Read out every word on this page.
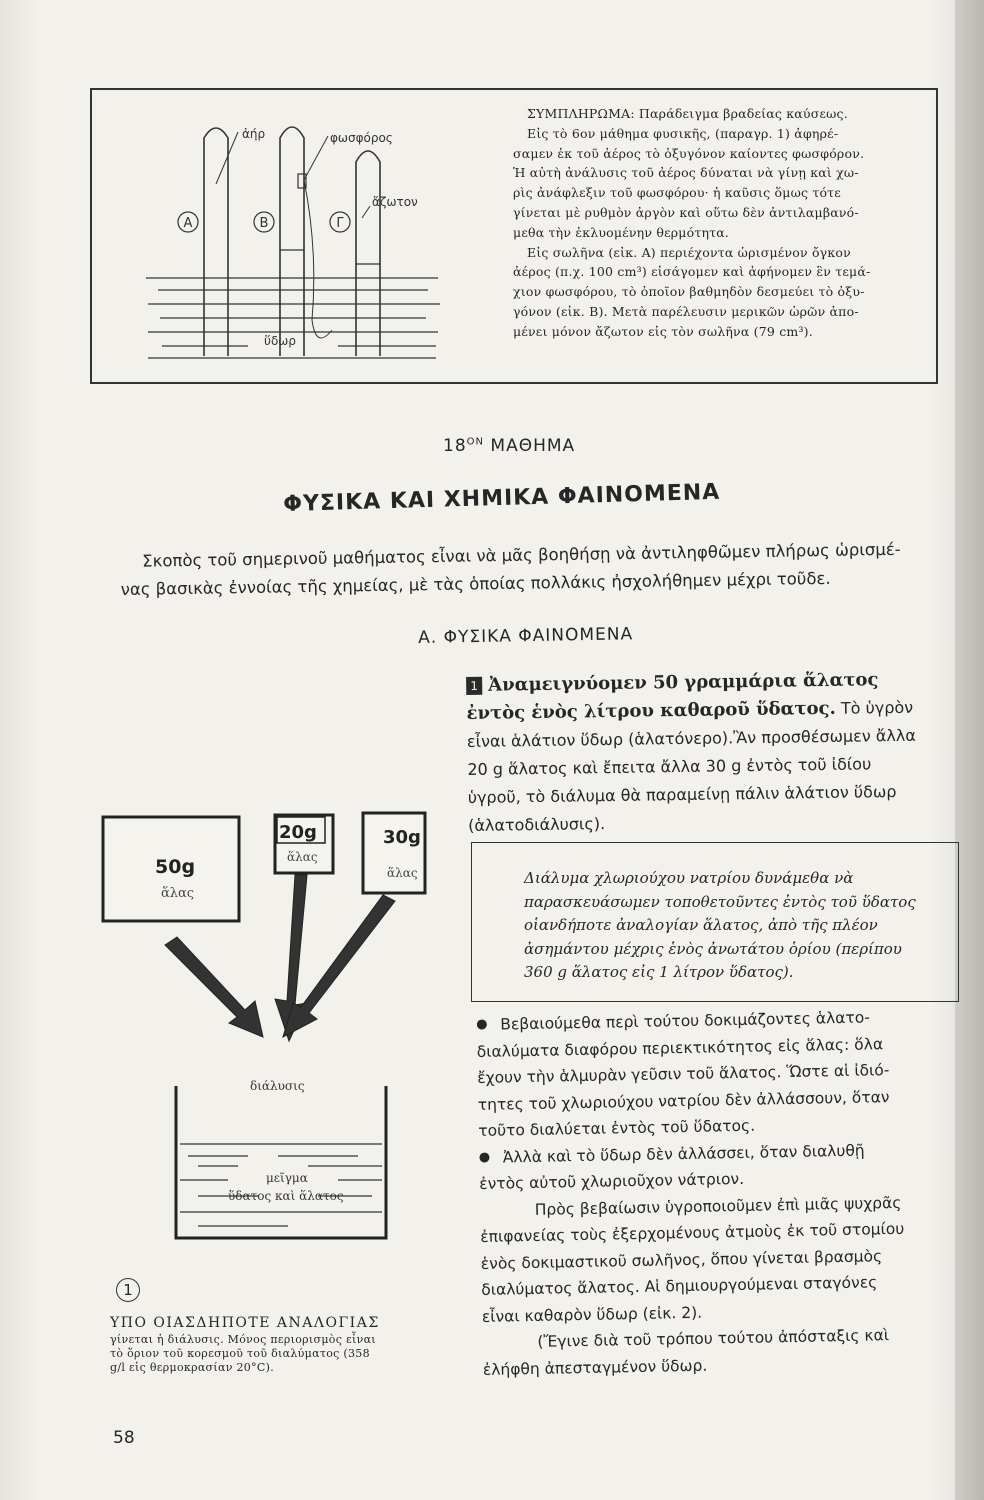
Α	Β	Γ
ἀήρ	φωσφόρος
ἄζωτον
ὕδωρ

ΣΥΜΠΛΗΡΩΜΑ: Παράδειγμα βραδείας καύσεως.

Εἰς τὸ 6ον μάθημα φυσικῆς, (παραγρ. 1) ἀφηρέ-

σαμεν ἐκ τοῦ ἀέρος τὸ ὀξυγόνον καίοντες φωσφόρον.

Ἡ αὐτὴ ἀνάλυσις τοῦ ἀέρος δύναται νὰ γίνῃ καὶ χω-

ρὶς ἀνάφλεξιν τοῦ φωσφόρου· ἡ καῦσις ὅμως τότε

γίνεται μὲ ρυθμὸν ἀργὸν καὶ οὕτω δὲν ἀντιλαμβανό-

μεθα τὴν ἐκλυομένην θερμότητα.

Εἰς σωλῆνα (εἰκ. Α) περιέχοντα ὡρισμένον ὄγκον

ἀέρος (π.χ. 100 cm³) εἰσάγομεν καὶ ἀφήνομεν ἓν τεμά-

χιον φωσφόρου, τὸ ὁποῖον βαθμηδὸν δεσμεύει τὸ ὀξυ-

γόνον (εἰκ. Β). Μετὰ παρέλευσιν μερικῶν ὡρῶν ἀπο-

μένει μόνον ἄζωτον εἰς τὸν σωλῆνα (79 cm³).

$18^{ON}$ ΜΑΘΗΜΑ
ΦΥΣΙΚΑ ΚΑΙ ΧΗΜΙΚΑ ΦΑΙΝΟΜΕΝΑ

Σκοπὸς τοῦ σημερινοῦ μαθήματος εἶναι νὰ μᾶς βοηθήσῃ νὰ ἀντιληφθῶμεν πλήρως ὡρισμέ-

νας βασικὰς ἐννοίας τῆς χημείας, μὲ τὰς ὁποίας πολλάκις ἠσχολήθημεν μέχρι τοῦδε.

Α. ΦΥΣΙΚΑ ΦΑΙΝΟΜΕΝΑ
1 Ἀναμειγνύομεν 50 γραμμάρια ἅλατος
ἐντὸς ἑνὸς λίτρου καθαροῦ ὕδατος. Τὸ ὑγρὸν
εἶναι ἁλάτιον ὕδωρ (ἁλατόνερο).Ἂν προσθέσωμεν ἄλλα
20 g ἅλατος καὶ ἔπειτα ἄλλα 30 g ἐντὸς τοῦ ἰδίου
ὑγροῦ, τὸ διάλυμα θὰ παραμείνῃ πάλιν ἁλάτιον ὕδωρ
(ἁλατοδιάλυσις).
Διάλυμα χλωριούχου νατρίου δυνάμεθα νὰ
παρασκευάσωμεν τοποθετοῦντες ἐντὸς τοῦ ὕδατος
οἱανδήποτε ἀναλογίαν ἅλατος, ἀπὸ τῆς πλέον
ἀσημάντου μέχρις ἑνὸς ἀνωτάτου ὁρίου (περίπου
360 g ἅλατος εἰς 1 λίτρον ὕδατος).

● Βεβαιούμεθα περὶ τούτου δοκιμάζοντες ἁλατο-

διαλύματα διαφόρου περιεκτικότητος εἰς ἅλας: ὅλα

ἔχουν τὴν ἁλμυρὰν γεῦσιν τοῦ ἅλατος. Ὥστε αἱ ἰδιό-

τητες τοῦ χλωριούχου νατρίου δὲν ἀλλάσσουν, ὅταν

τοῦτο διαλύεται ἐντὸς τοῦ ὕδατος.

● Ἀλλὰ καὶ τὸ ὕδωρ δὲν ἀλλάσσει, ὅταν διαλυθῇ

ἐντὸς αὐτοῦ χλωριοῦχον νάτριον.

Πρὸς βεβαίωσιν ὑγροποιοῦμεν ἐπὶ μιᾶς ψυχρᾶς

ἐπιφανείας τοὺς ἐξερχομένους ἀτμοὺς ἐκ τοῦ στομίου

ἑνὸς δοκιμαστικοῦ σωλῆνος, ὅπου γίνεται βρασμὸς

διαλύματος ἅλατος. Αἱ δημιουργούμεναι σταγόνες

εἶναι καθαρὸν ὕδωρ (εἰκ. 2).

(Ἔγινε διὰ τοῦ τρόπου τούτου ἀπόσταξις καὶ

ἐλήφθη ἀπεσταγμένον ὕδωρ.

50g
ἅλας
20g
ἅλας
30g
ἅλας
διάλυσις
μεῖγμα
ὕδατος καὶ ἅλατος
1
ΥΠΟ ΟΙΑΣΔΗΠΟΤΕ ΑΝΑΛΟΓΙΑΣ
γίνεται ἡ διάλυσις. Μόνος περιορισμὸς εἶναι
τὸ ὅριον τοῦ κορεσμοῦ τοῦ διαλύματος (358
g/l εἰς θερμοκρασίαν 20°C).
58
